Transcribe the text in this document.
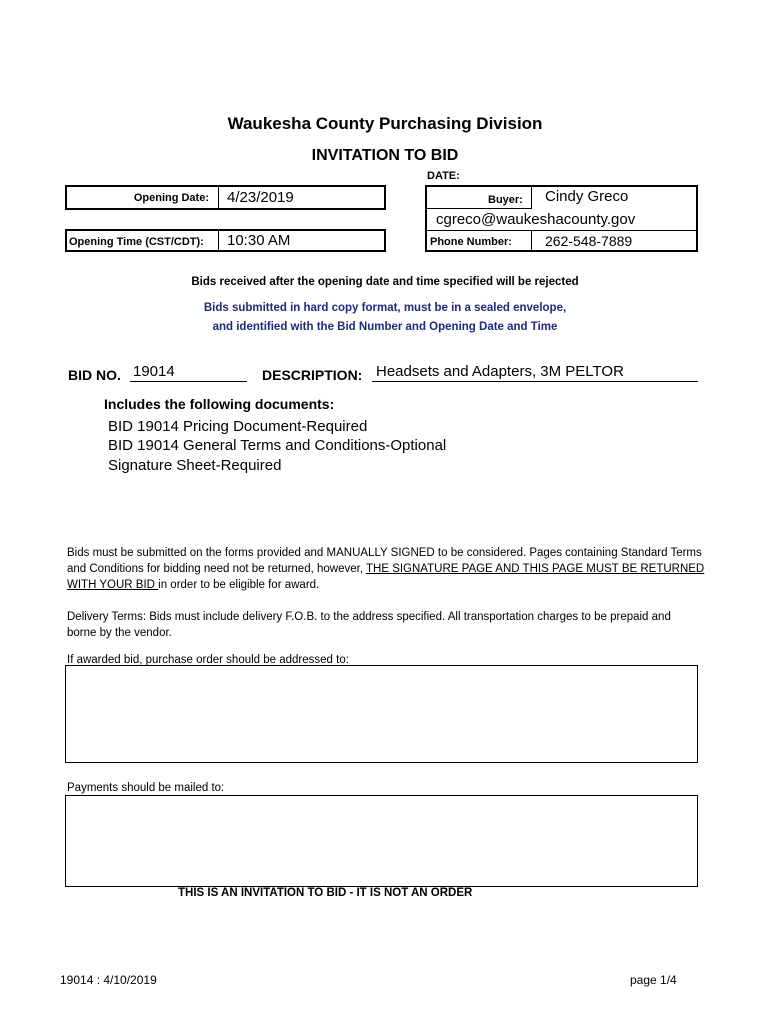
Waukesha County Purchasing Division
INVITATION TO BID
DATE:
Opening Date: 4/23/2019
Opening Time (CST/CDT): 10:30 AM
Buyer: Cindy Greco
cgreco@waukeshacounty.gov
Phone Number: 262-548-7889
Bids received after the opening date and time specified will be rejected
Bids submitted in hard copy format, must be in a sealed envelope,
and identified with the Bid Number and Opening Date and Time
BID NO. 19014	DESCRIPTION: Headsets and Adapters, 3M PELTOR
Includes the following documents:
BID 19014 Pricing Document-Required
BID 19014 General Terms and Conditions-Optional
Signature Sheet-Required
Bids must be submitted on the forms provided and MANUALLY SIGNED to be considered. Pages containing Standard Terms and Conditions for bidding need not be returned, however, THE SIGNATURE PAGE AND THIS PAGE MUST BE RETURNED WITH YOUR BID in order to be eligible for award.
Delivery Terms: Bids must include delivery F.O.B. to the address specified. All transportation charges to be prepaid and borne by the vendor.
If awarded bid, purchase order should be addressed to:
Payments should be mailed to:
THIS IS AN INVITATION TO BID - IT IS NOT AN ORDER
19014 : 4/10/2019	page 1/4
